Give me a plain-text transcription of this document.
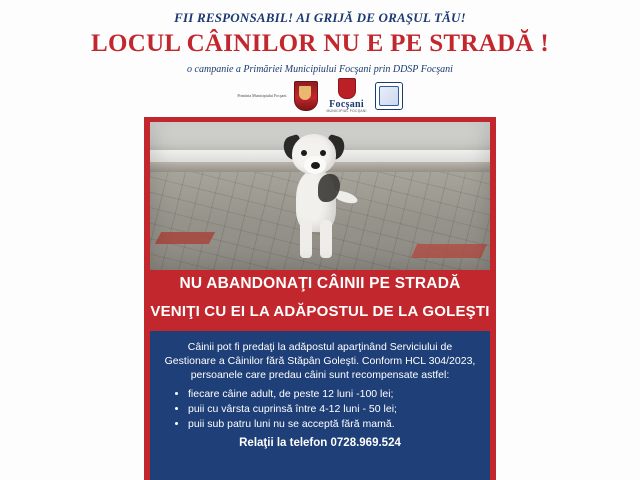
FII RESPONSABIL! AI GRIJĂ DE ORAŞUL TĂU!
LOCUL CÂINILOR NU E PE STRADĂ !
o campanie a Primăriei Municipiului Focşani prin DDSP Focşani
Primăria Municipiului Focşani
Focşani
MUNICIPIUL FOCŞANI
NU ABANDONAŢI CÂINII PE STRADĂ
VENIŢI CU EI LA ADĂPOSTUL DE LA GOLEŞTI

Câinii pot fi predaţi la adăpostul aparţinând Serviciului de Gestionare a Câinilor fără Stăpân Goleşti. Conform HCL 304/2023, persoanele care predau câini sunt recompensate astfel:

• fiecare câine adult, de peste 12 luni -100 lei;
• puii cu vârsta cuprinsă între 4-12 luni - 50 lei;
• puii sub patru luni nu se acceptă fără mamă.
Relaţii la telefon 0728.969.524
